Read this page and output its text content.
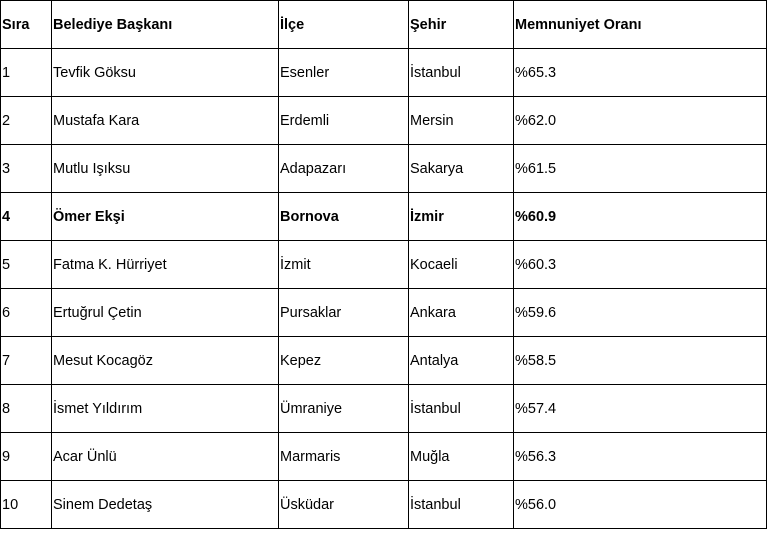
Sıra	Belediye Başkanı	İlçe	Şehir	Memnuniyet Oranı
1	Tevfik Göksu	Esenler	İstanbul	%65.3
2	Mustafa Kara	Erdemli	Mersin	%62.0
3	Mutlu Işıksu	Adapazarı	Sakarya	%61.5
4	Ömer Ekşi	Bornova	İzmir	%60.9
5	Fatma K. Hürriyet	İzmit	Kocaeli	%60.3
6	Ertuğrul Çetin	Pursaklar	Ankara	%59.6
7	Mesut Kocagöz	Kepez	Antalya	%58.5
8	İsmet Yıldırım	Ümraniye	İstanbul	%57.4
9	Acar Ünlü	Marmaris	Muğla	%56.3
10	Sinem Dedetaş	Üsküdar	İstanbul	%56.0
